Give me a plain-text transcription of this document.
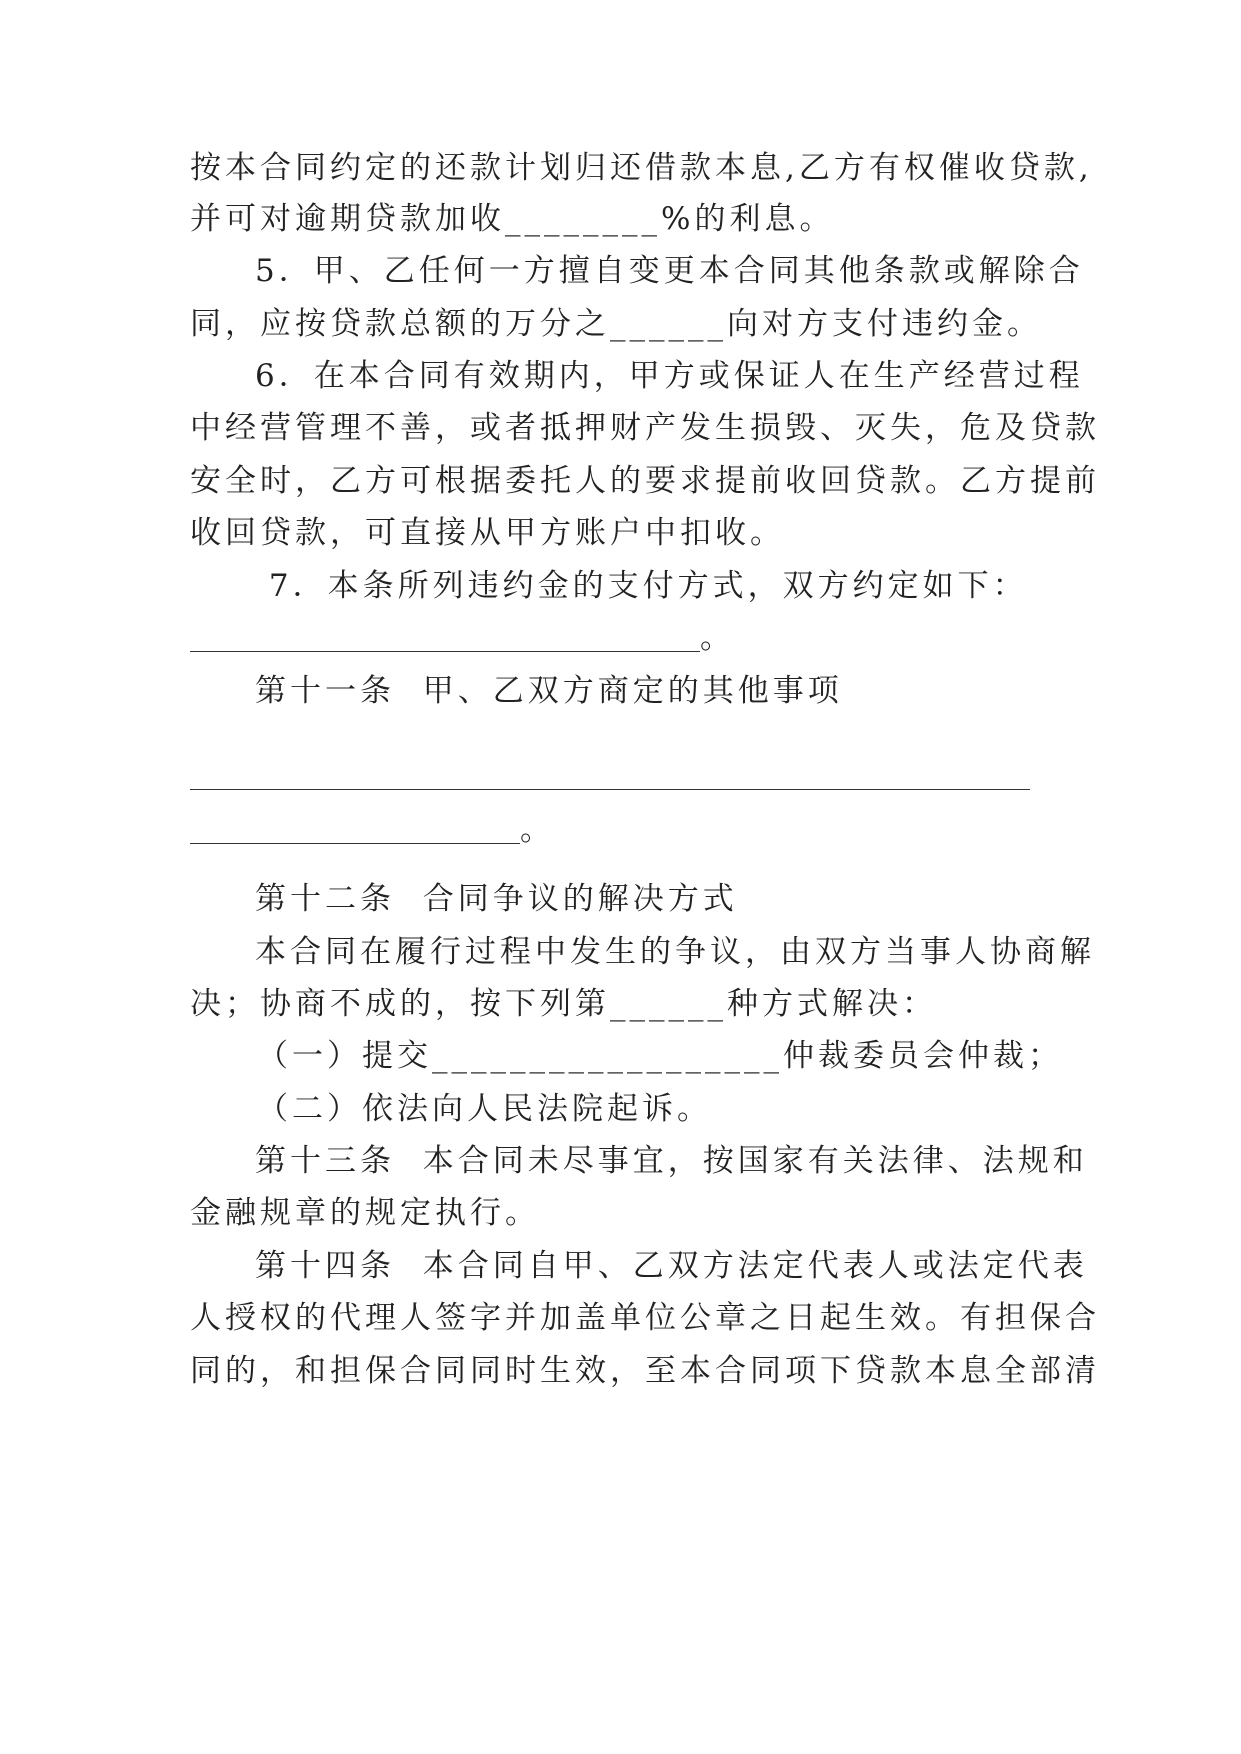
按本合同约定的还款计划归还借款本息,乙方有权催收贷款,
并可对逾期贷款加收________%的利息。
5．甲、乙任何一方擅自变更本合同其他条款或解除合
同，应按贷款总额的万分之______向对方支付违约金。
6．在本合同有效期内，甲方或保证人在生产经营过程
中经营管理不善，或者抵押财产发生损毁、灭失，危及贷款
安全时，乙方可根据委托人的要求提前收回贷款。乙方提前
收回贷款，可直接从甲方账户中扣收。
7．本条所列违约金的支付方式，双方约定如下：
。
第十一条  甲、乙双方商定的其他事项
。
第十二条  合同争议的解决方式
本合同在履行过程中发生的争议，由双方当事人协商解
决；协商不成的，按下列第______种方式解决：
（一）提交__________________仲裁委员会仲裁；
（二）依法向人民法院起诉。
第十三条  本合同未尽事宜，按国家有关法律、法规和
金融规章的规定执行。
第十四条  本合同自甲、乙双方法定代表人或法定代表
人授权的代理人签字并加盖单位公章之日起生效。有担保合
同的，和担保合同同时生效，至本合同项下贷款本息全部清
